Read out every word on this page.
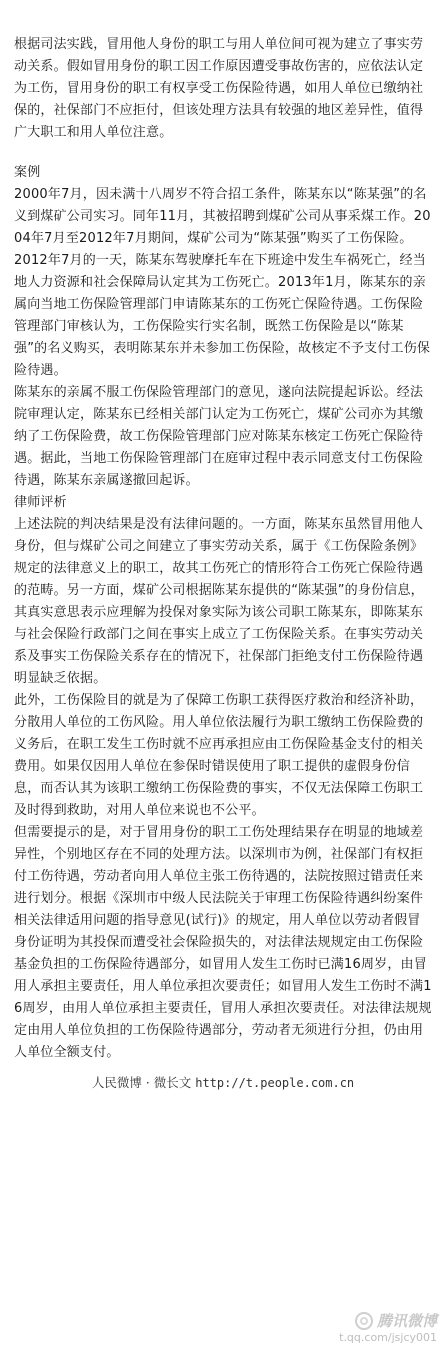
根据司法实践，冒用他人身份的职工与用人单位间可视为建立了事实劳动关系。假如冒用身份的职工因工作原因遭受事故伤害的，应依法认定为工伤，冒用身份的职工有权享受工伤保险待遇，如用人单位已缴纳社保的，社保部门不应拒付，但该处理方法具有较强的地区差异性，值得广大职工和用人单位注意。

案例

2000年7月，因未满十八周岁不符合招工条件，陈某东以“陈某强”的名义到煤矿公司实习。同年11月，其被招聘到煤矿公司从事采煤工作。2004年7月至2012年7月期间，煤矿公司为“陈某强”购买了工伤保险。

2012年7月的一天，陈某东驾驶摩托车在下班途中发生车祸死亡，经当地人力资源和社会保障局认定其为工伤死亡。2013年1月，陈某东的亲属向当地工伤保险管理部门申请陈某东的工伤死亡保险待遇。工伤保险管理部门审核认为，工伤保险实行实名制，既然工伤保险是以“陈某强”的名义购买，表明陈某东并未参加工伤保险，故核定不予支付工伤保险待遇。

陈某东的亲属不服工伤保险管理部门的意见，遂向法院提起诉讼。经法院审理认定，陈某东已经相关部门认定为工伤死亡，煤矿公司亦为其缴纳了工伤保险费，故工伤保险管理部门应对陈某东核定工伤死亡保险待遇。据此，当地工伤保险管理部门在庭审过程中表示同意支付工伤保险待遇，陈某东亲属遂撤回起诉。

律师评析

上述法院的判决结果是没有法律问题的。一方面，陈某东虽然冒用他人身份，但与煤矿公司之间建立了事实劳动关系，属于《工伤保险条例》规定的法律意义上的职工，故其工伤死亡的情形符合工伤死亡保险待遇的范畴。另一方面，煤矿公司根据陈某东提供的“陈某强”的身份信息，其真实意思表示应理解为投保对象实际为该公司职工陈某东，即陈某东与社会保险行政部门之间在事实上成立了工伤保险关系。在事实劳动关系及事实工伤保险关系存在的情况下，社保部门拒绝支付工伤保险待遇明显缺乏依据。

此外，工伤保险目的就是为了保障工伤职工获得医疗救治和经济补助，分散用人单位的工伤风险。用人单位依法履行为职工缴纳工伤保险费的义务后，在职工发生工伤时就不应再承担应由工伤保险基金支付的相关费用。如果仅因用人单位在参保时错误使用了职工提供的虚假身份信息，而否认其为该职工缴纳工伤保险费的事实，不仅无法保障工伤职工及时得到救助，对用人单位来说也不公平。

但需要提示的是，对于冒用身份的职工工伤处理结果存在明显的地域差异性，个别地区存在不同的处理方法。以深圳市为例，社保部门有权拒付工伤待遇，劳动者向用人单位主张工伤待遇的，法院按照过错责任来进行划分。根据《深圳市中级人民法院关于审理工伤保险待遇纠纷案件相关法律适用问题的指导意见(试行)》的规定，用人单位以劳动者假冒身份证明为其投保而遭受社会保险损失的，对法律法规规定由工伤保险基金负担的工伤保险待遇部分，如冒用人发生工伤时已满16周岁，由冒用人承担主要责任，用人单位承担次要责任；如冒用人发生工伤时不满16周岁，由用人单位承担主要责任，冒用人承担次要责任。对法律法规规定由用人单位负担的工伤保险待遇部分，劳动者无须进行分担，仍由用人单位全额支付。

人民微博 · 微长文 http://t.people.com.cn
腾讯微博
t.qq.com/jsjcy001
